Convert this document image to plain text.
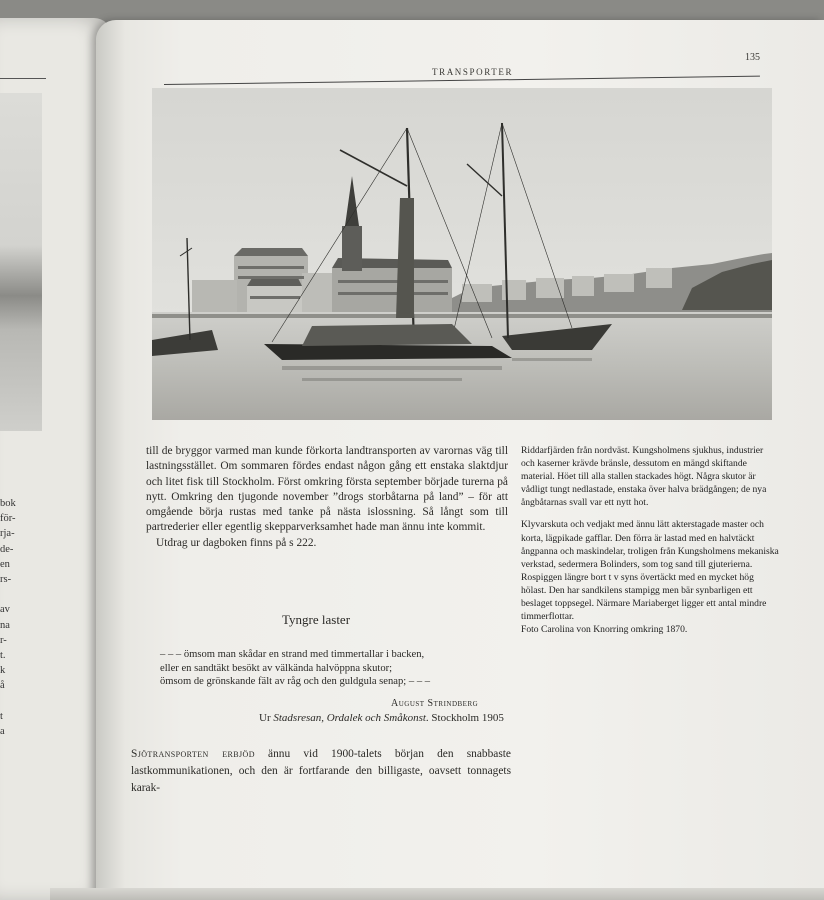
bok
för-
rja-
de-
en
rs-

av
na
r-
t.
k
å

t
a
TRANSPORTER
135

till de bryggor varmed man kunde förkorta landtransporten av varornas väg till lastningsstället. Om sommaren fördes endast någon gång ett enstaka slaktdjur och litet fisk till Stockholm. Först omkring första september började turerna på nytt. Omkring den tjugonde november ”drogs storbåtarna på land” – för att omgående börja rustas med tanke på nästa islossning. Så långt som till partrederier eller egentlig skepparverksamhet hade man ännu inte kommit.

Utdrag ur dagboken finns på s 222.

Riddarfjärden från nordväst. Kungsholmens sjukhus, industrier och kaserner krävde bränsle, dessutom en mängd skiftande material. Höet till alla stallen stackades högt. Några skutor är vådligt tungt nedlastade, enstaka över halva brädgången; de nya ångbåtarnas svall var ett nytt hot.

Klyvarskuta och vedjakt med ännu lätt akterstagade master och korta, lägpikade gafflar. Den förra är lastad med en halvtäckt ångpanna och maskindelar, troligen från Kungsholmens mekaniska verkstad, sedermera Bolinders, som tog sand till gjuterierna. Rospiggen längre bort t v syns övertäckt med en mycket hög hölast. Den har sandkilens stampigg men bär synbarligen ett beslaget toppsegel. Närmare Mariaberget ligger ett antal mindre timmerflottar.

Foto Carolina von Knorring omkring 1870.

Tyngre laster
– – – ömsom man skådar en strand med timmertallar i backen,
eller en sandtäkt besökt av välkända halvöppna skutor;
ömsom de grönskande fält av råg och den guldgula senap; – – –
August Strindberg
Ur Stadsresan, Ordalek och Småkonst. Stockholm 1905

Sjötransporten erbjöd ännu vid 1900-talets början den snabbaste lastkommunikationen, och den är fortfarande den billigaste, oavsett tonnagets karak-
